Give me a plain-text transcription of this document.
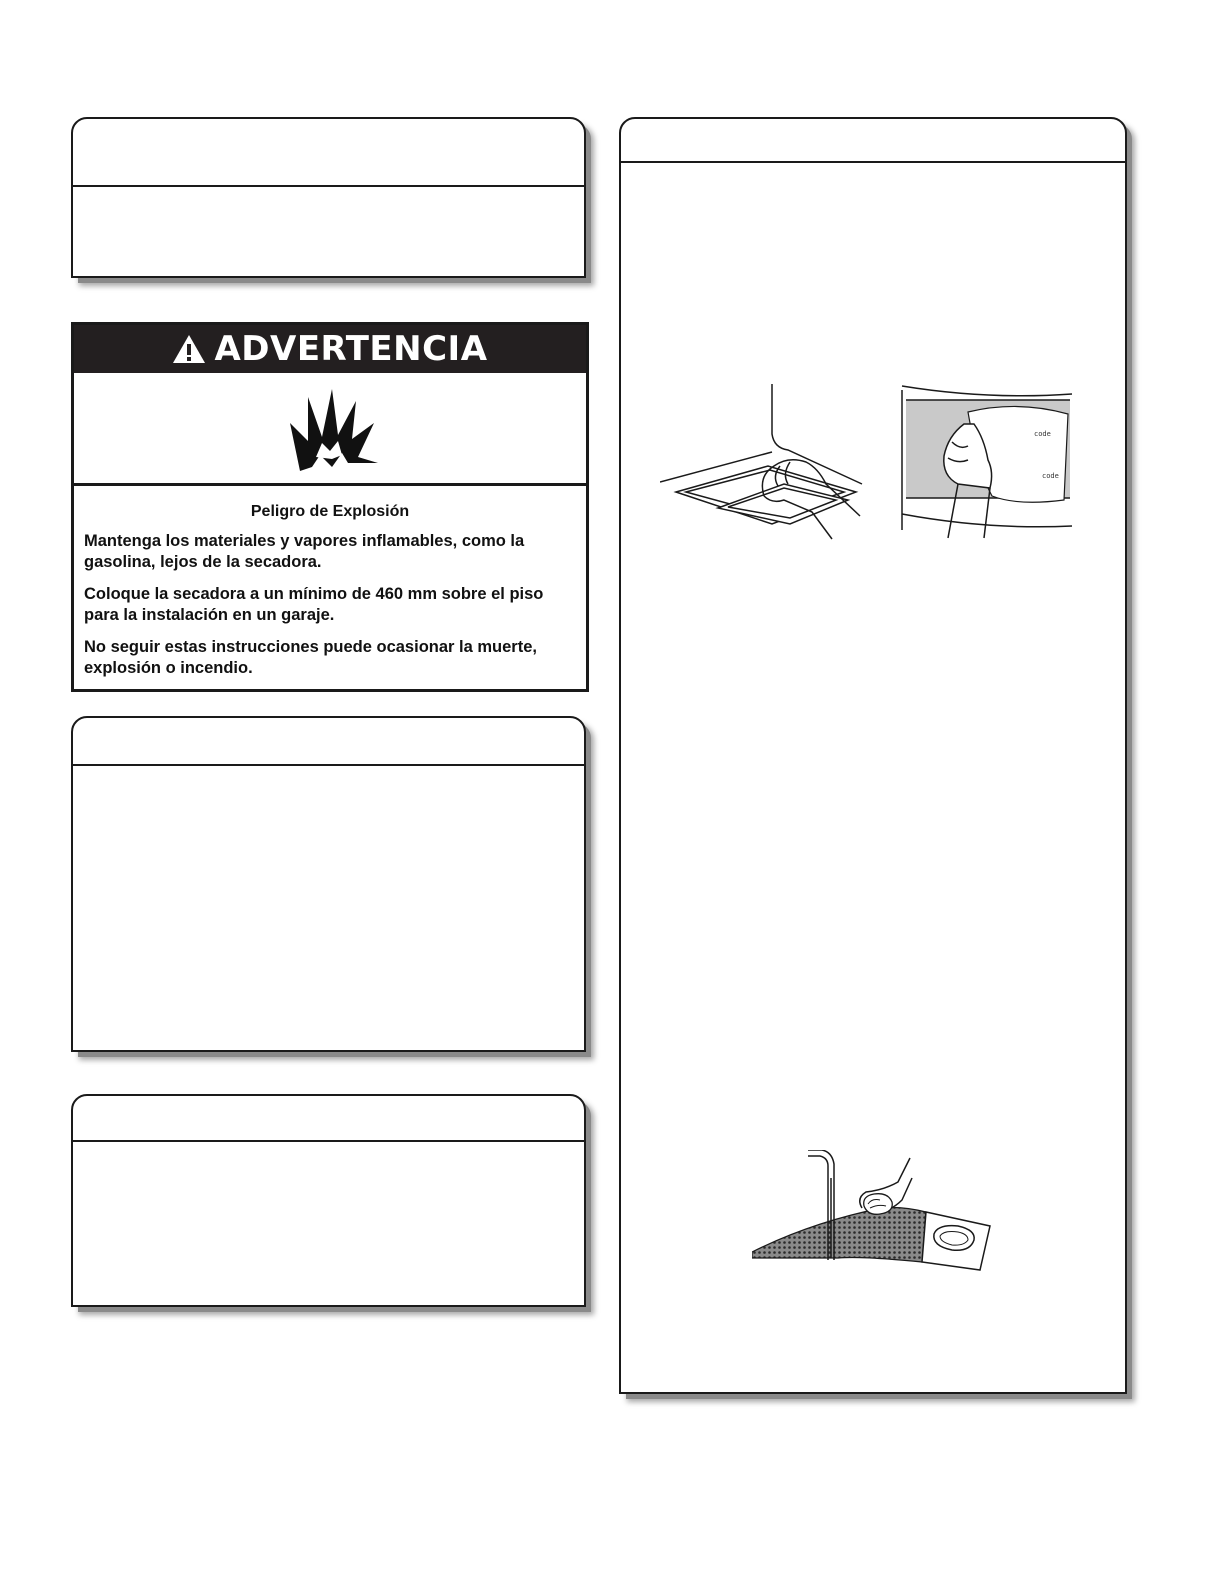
ADVERTENCIA
Peligro de Explosión

Mantenga los materiales y vapores inflamables, como la gasolina, lejos de la secadora.

Coloque la secadora a un mínimo de 460 mm sobre el piso para la instalación en un garaje.

No seguir estas instrucciones puede ocasionar la muerte, explosión o incendio.

code
code
